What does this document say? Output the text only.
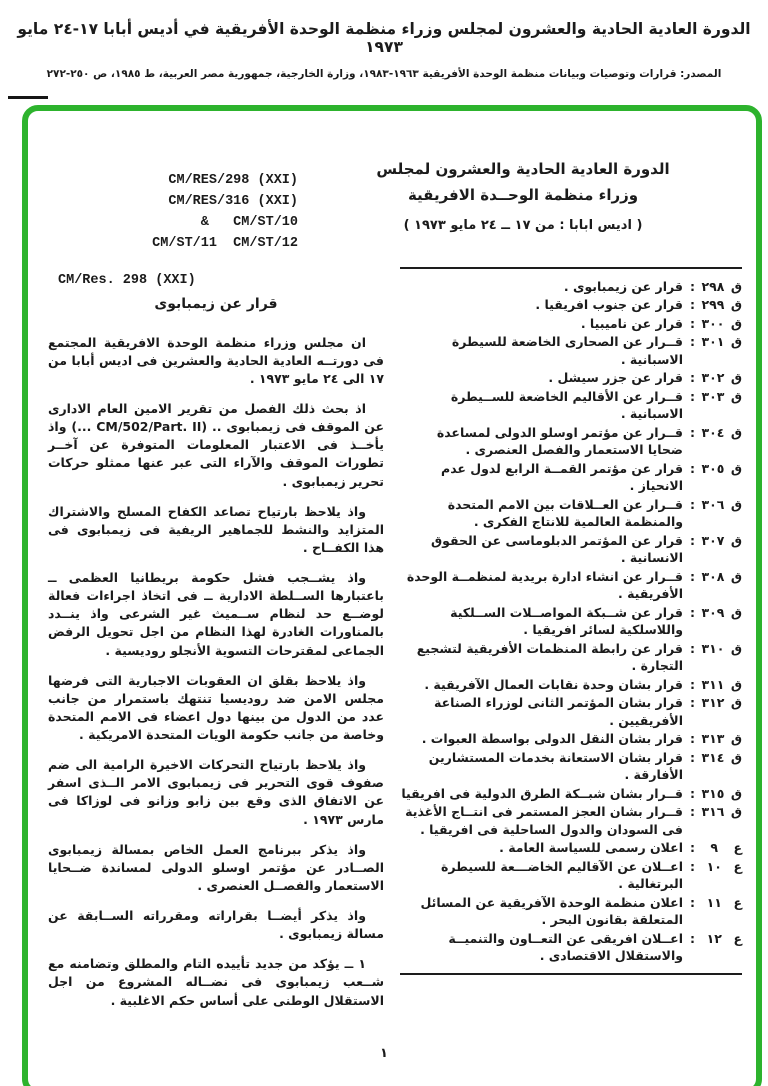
الدورة العادية الحادية والعشرون لمجلس وزراء منظمة الوحدة الأفريقية في أديس أبابا ١٧-٢٤ مايو ١٩٧٣
المصدر: قرارات وتوصيات وبيانات منظمة الوحدة الأفريقية ١٩٦٣-١٩٨٣، وزارة الخارجية، جمهورية مصر العربية، ط ١٩٨٥، ص ٢٥٠-٢٧٢
CM/RES/298 (XXI)
CM/RES/316 (XXI)
&   CM/ST/10
CM/ST/11  CM/ST/12
الدورة العادية الحادية والعشرون لمجلس
وزراء منظمة الوحــدة الافريقية
( اديس ابابا : من ١٧ ــ ٢٤ مايو ١٩٧٣ )
CM/Res. 298 (XXI)
قرار عن زيمبابوى

ان مجلس وزراء منظمة الوحدة الافريقية المجتمع فى دورتــه العادية الحادية والعشرين فى اديس أبابا من ١٧ الى ٢٤ مايو ١٩٧٣ .

اذ بحث ذلك الفصل من تقرير الامين العام الادارى عن الموقف فى زيمبابوى .. (CM/502/Part. II ...) واذ يأخــذ فى الاعتبار المعلومات المتوفرة عن آخــر تطورات الموقف والآراء التى عبر عنها ممثلو حركات تحرير زيمبابوى .

واذ يلاحظ بارتياح تصاعد الكفاح المسلح والاشتراك المتزايد والنشط للجماهير الريفية فى زيمبابوى فى هذا الكفــاح .

واذ يشــجب فشل حكومة بريطانيا العظمى ــ باعتبارها الســلطة الادارية ــ فى اتخاذ اجراءات فعالة لوضــع حد لنظام ســميث غير الشرعى واذ ينــدد بالمناورات الغادرة لهذا النظام من اجل تحويل الرفض الجماعى لمقترحات التسوية الأنجلو روديسية .

واذ يلاحظ بقلق ان العقوبات الاجبارية التى فرضها مجلس الامن ضد روديسيا تنتهك باستمرار من جانب عدد من الدول من بينها دول اعضاء فى الامم المتحدة وخاصة من جانب حكومة الويات المتحدة الامريكية .

واذ يلاحظ بارتياح التحركات الاخيرة الرامية الى ضم صفوف قوى التحرير فى زيمبابوى الامر الــذى اسفر عن الاتفاق الذى وقع بين زابو وزانو فى لوزاكا فى مارس ١٩٧٣ .

واذ يذكر ببرنامج العمل الخاص بمسالة زيمبابوى الصــادر عن مؤتمر اوسلو الدولى لمساندة ضــحايا الاستعمار والفصــل العنصرى .

واذ يذكر أيضــا بقراراته ومقرراته الســابقة عن مسالة زيمبابوى .

١ ــ يؤكد من جديد تأييده التام والمطلق وتضامنه مع شــعب زيمبابوى فى نضــاله المشروع من اجل الاستقلال الوطنى على أساس حكم الاغلبية .

ق ٢٩٨ :
قرار عن زيمبابوى .
ق ٢٩٩ :
قرار عن جنوب افريقيا .
ق ٣٠٠ :
قرار عن ناميبيا .
ق ٣٠١ :
قــرار عن الصحارى الخاضعة للسيطرة الاسبانية .
ق ٣٠٢ :
قرار عن جزر سيشل .
ق ٣٠٣ :
قــرار عن الأقاليم الخاضعة للســيطرة الاسبانية .
ق ٣٠٤ :
قــرار عن مؤتمر اوسلو الدولى لمساعدة ضحايا الاستعمار والفصل العنصرى .
ق ٣٠٥ :
قرار عن مؤتمر القمــة الرابع لدول عدم الانحياز .
ق ٣٠٦ :
قــرار عن العــلاقات بين الامم المتحدة والمنظمة العالمية للانتاج الفكرى .
ق ٣٠٧ :
قرار عن المؤتمر الدبلوماسى عن الحقوق الانسانية .
ق ٣٠٨ :
قــرار عن انشاء ادارة بريدية لمنظمــة الوحدة الأفريقية .
ق ٣٠٩ :
قرار عن شــبكة المواصــلات الســلكية واللاسلكية لسائر افريقيا .
ق ٣١٠ :
قرار عن رابطة المنظمات الأفريقية لتشجيع التجارة .
ق ٣١١ :
قرار بشان وحدة نقابات العمال الآفريقية .
ق ٣١٢ :
قرار بشان المؤتمر الثانى لوزراء الصناعة الأفريقيين .
ق ٣١٣ :
قرار بشان النقل الدولى بواسطة العبوات .
ق ٣١٤ :
قرار بشان الاستعانة بخدمات المستشارين الأفارقة .
ق ٣١٥ :
قــرار بشان شبــكة الطرق الدولية فى افريقيا
ق ٣١٦ :
قــرار بشان العجز المستمر فى انتــاج الأغذية فى السودان والدول الساحلية فى افريقيا .
ع ٩ :
اعلان رسمى للسياسة العامة .
ع ١٠ :
اعــلان عن الآقاليم الخاضـــعة للسيطرة البرتغالية .
ع ١١ :
اعلان منظمة الوحدة الآفريقية عن المسائل المتعلقة بقانون البحر .
ع ١٢ :
اعــلان افريقى عن التعــاون والتنميــة والاستقلال الاقتصادى .
١
